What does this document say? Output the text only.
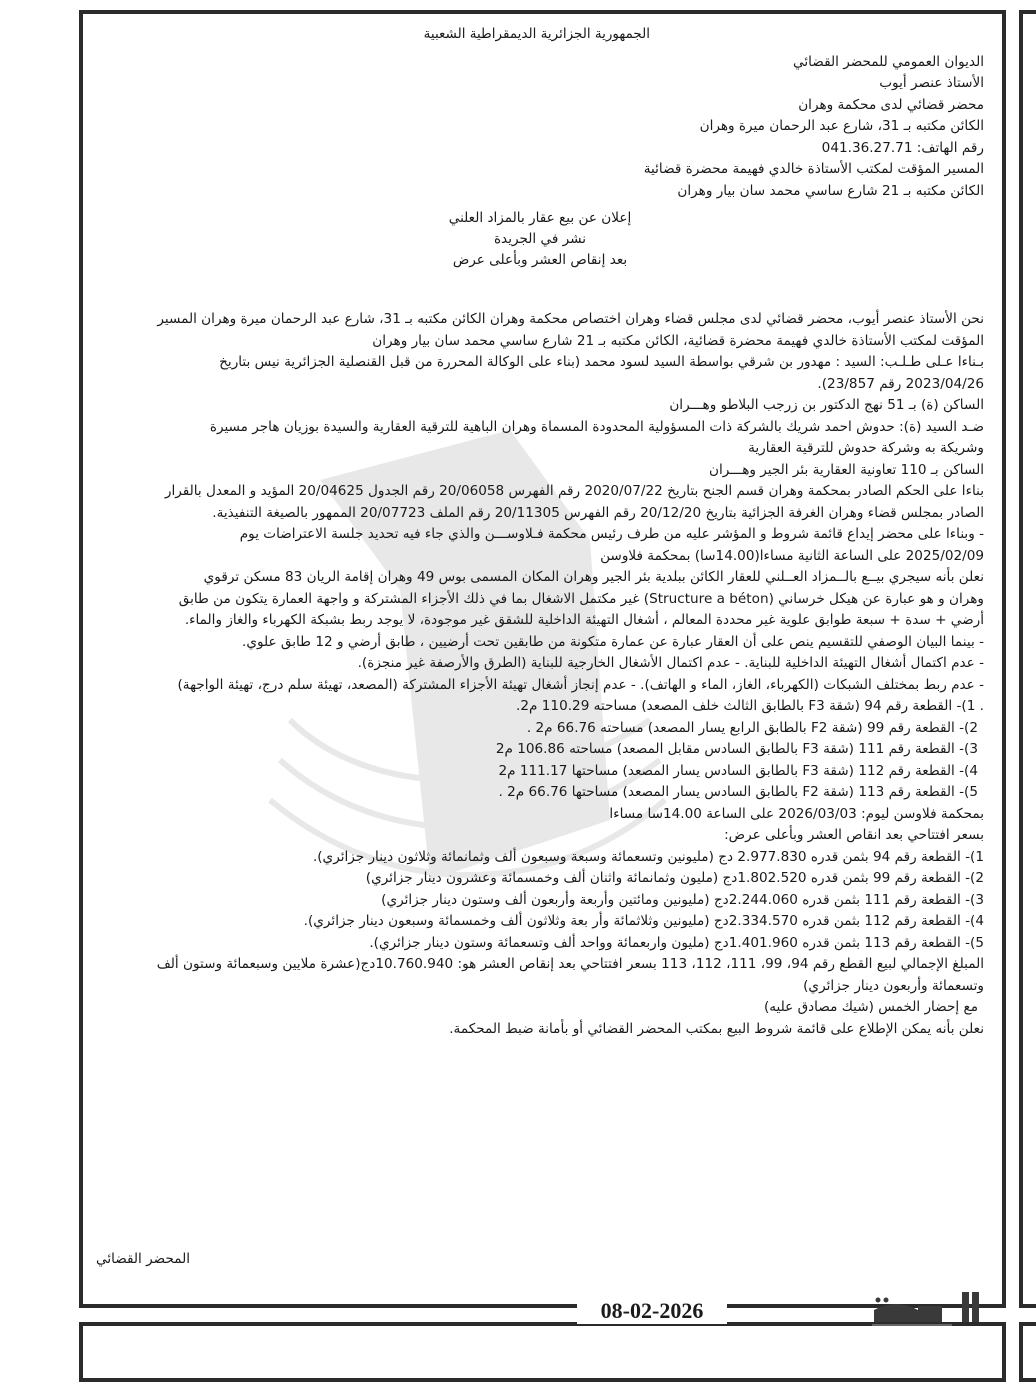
الجمهورية الجزائرية الديمقراطية الشعبية
الديوان العمومي للمحضر القضائي
الأستاذ عنصر أيوب
محضر قضائي لدى محكمة وهران
الكائن مكتبه بـ 31، شارع عبد الرحمان ميرة وهران
رقم الهاتف: 041.36.27.71
المسير المؤقت لمكتب الأستاذة خالدي فهيمة محضرة قضائية
الكائن مكتبه بـ 21 شارع ساسي محمد سان بيار وهران
إعلان عن بيع عقار بالمزاد العلني
نشر في الجريدة
بعد إنقاص العشر وبأعلى عرض
نحن الأستاذ عنصر أيوب، محضر قضائي لدى مجلس قضاء وهران اختصاص محكمة وهران الكائن مكتبه بـ 31، شارع عبد الرحمان ميرة وهران المسير
المؤقت لمكتب الأستاذة خالدي فهيمة محضرة قضائية، الكائن مكتبه بـ 21 شارع ساسي محمد سان بيار وهران
بـناءا عـلى طـلـب: السيد : مهدور بن شرقي بواسطة السيد لسود محمد (بناء على الوكالة المحررة من قبل القنصلية الجزائرية نيس بتاريخ
2023/04/26 رقم 23/857).
الساكن (ة) بـ 51 نهج الدكتور بن زرجب البلاطو وهـــران
ضـد السيد (ة): حدوش احمد شريك بالشركة ذات المسؤولية المحدودة المسماة وهران الباهية للترقية العقارية والسيدة بوزيان هاجر مسيرة
وشريكة به وشركة حدوش للترقية العقارية
الساكن بـ 110 تعاونية العقارية بئر الجير وهـــران
بناءا على الحكم الصادر بمحكمة وهران قسم الجنح بتاريخ 2020/07/22 رقم الفهرس 20/06058 رقم الجدول 20/04625 المؤيد و المعدل بالقرار
الصادر بمجلس قضاء وهران الغرفة الجزائية بتاريخ 20/12/20 رقم الفهرس 20/11305 رقم الملف 20/07723 الممهور بالصيغة التنفيذية.
- وبناءا على محضر إيداع قائمة شروط و المؤشر عليه من طرف رئيس محكمة فـلاوســـن والذي جاء فيه تحديد جلسة الاعتراضات يوم
2025/02/09 على الساعة الثانية مساءا(14.00سا) بمحكمة فلاوسن
نعلن بأنه سيجري بيــع بالــمزاد العــلني للعقار الكائن ببلدية بئر الجير وهران المكان المسمى بوس 49 وهران إقامة الريان 83 مسكن ترقوي
وهران و هو عبارة عن هيكل خرساني (Structure a béton) غير مكتمل الاشغال بما في ذلك الأجزاء المشتركة و واجهة العمارة يتكون من طابق
أرضي + سدة + سبعة طوابق علوية غير محددة المعالم ، أشغال التهيئة الداخلية للشقق غير موجودة، لا يوجد ربط بشبكة الكهرباء والغاز والماء.
- بينما البيان الوصفي للتقسيم ينص على أن العقار عبارة عن عمارة متكونة من طابقين تحت أرضيين ، طابق أرضي و 12 طابق علوي.
- عدم اكتمال أشغال التهيئة الداخلية للبناية. - عدم اكتمال الأشغال الخارجية للبناية (الطرق والأرصفة غير منجزة).
- عدم ربط بمختلف الشبكات (الكهرباء، الغاز، الماء و الهاتف). - عدم إنجاز أشغال تهيئة الأجزاء المشتركة (المصعد، تهيئة سلم درج، تهيئة الواجهة)
. 1)- القطعة رقم 94 (شقة F3 بالطابق الثالث خلف المصعد) مساحته 110.29 م2.
2)- القطعة رقم 99 (شقة F2 بالطابق الرابع يسار المصعد) مساحته 66.76 م2 .
3)- القطعة رقم 111 (شقة F3 بالطابق السادس مقابل المصعد) مساحته 106.86 م2
4)- القطعة رقم 112 (شقة F3 بالطابق السادس يسار المصعد) مساحتها 111.17 م2
5)- القطعة رقم 113 (شقة F2 بالطابق السادس يسار المصعد) مساحتها 66.76 م2 .
بمحكمة فلاوسن ليوم: 2026/03/03 على الساعة 14.00سا مساءا
بسعر افتتاحي بعد انقاص العشر وبأعلى عرض:
1)- القطعة رقم 94 بثمن قدره 2.977.830 دج (مليونين وتسعمائة وسبعة وسبعون ألف وثمانمائة وثلاثون دينار جزائري).
2)- القطعة رقم 99 بثمن قدره 1.802.520دج (مليون وثمانمائة واثنان ألف وخمسمائة وعشرون دينار جزائري)
3)- القطعة رقم 111 بثمن قدره 2.244.060دج (مليونين ومائتين وأربعة وأربعون ألف وستون دينار جزائري)
4)- القطعة رقم 112 بثمن قدره 2.334.570دج (مليونين وثلاثمائة وأر بعة وثلاثون ألف وخمسمائة وسبعون دينار جزائري).
5)- القطعة رقم 113 بثمن قدره 1.401.960دج (مليون واربعمائة وواحد ألف وتسعمائة وستون دينار جزائري).
المبلغ الإجمالي لبيع القطع رقم 94، 99، 111، 112، 113 بسعر افتتاحي بعد إنقاص العشر هو: 10.760.940دج(عشرة ملايين وسبعمائة وستون ألف
وتسعمائة وأربعون دينار جزائري)
مع إحضار الخمس (شيك مصادق عليه)
نعلن بأنه يمكن الإطلاع على قائمة شروط البيع بمكتب المحضر القضائي أو بأمانة ضبط المحكمة.
المحضر القضائي
08-02-2026
